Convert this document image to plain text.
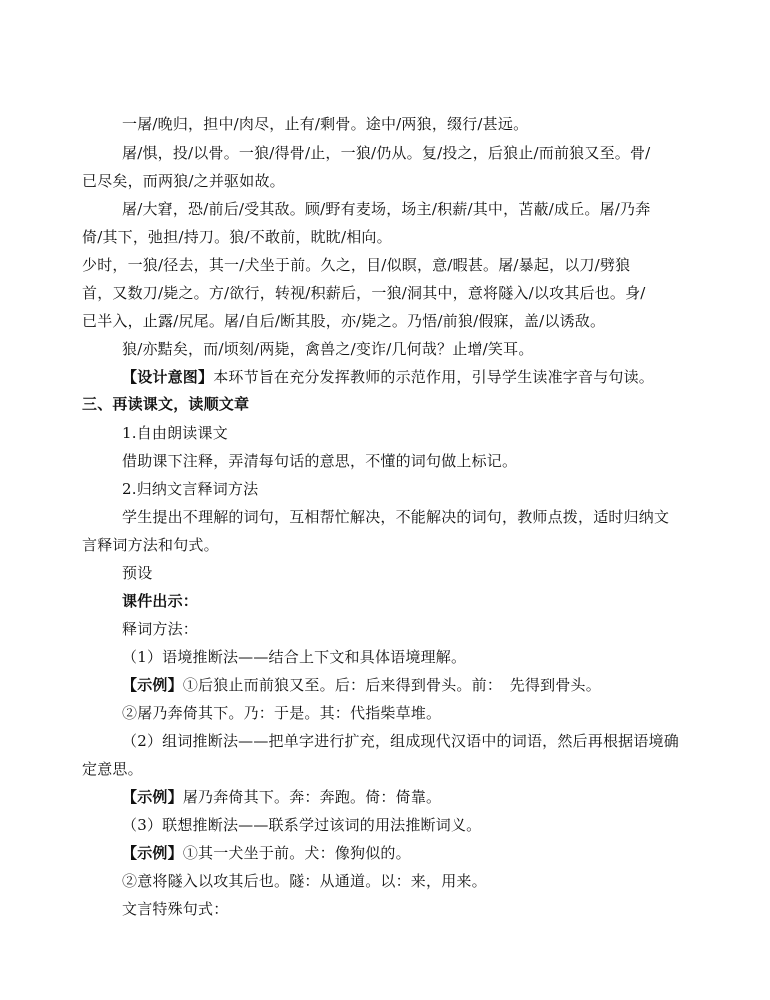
一屠/晚归，担中/肉尽，止有/剩骨。途中/两狼，缀行/甚远。
屠/惧，投/以骨。一狼/得骨/止，一狼/仍从。复/投之，后狼止/而前狼又至。骨/
已尽矣，而两狼/之并驱如故。
屠/大窘，恐/前后/受其敌。顾/野有麦场，场主/积薪/其中，苫蔽/成丘。屠/乃奔
倚/其下，弛担/持刀。狼/不敢前，眈眈/相向。
少时，一狼/径去，其一/犬坐于前。久之，目/似瞑，意/暇甚。屠/暴起，以刀/劈狼
首，又数刀/毙之。方/欲行，转视/积薪后，一狼/洞其中，意将隧入/以攻其后也。身/
已半入，止露/尻尾。屠/自后/断其股，亦/毙之。乃悟/前狼/假寐，盖/以诱敌。
狼/亦黠矣，而/顷刻/两毙，禽兽之/变诈/几何哉？止增/笑耳。
【设计意图】本环节旨在充分发挥教师的示范作用，引导学生读准字音与句读。
三、再读课文，读顺文章
1.自由朗读课文
借助课下注释，弄清每句话的意思，不懂的词句做上标记。
2.归纳文言释词方法
学生提出不理解的词句，互相帮忙解决，不能解决的词句，教师点拨，适时归纳文
言释词方法和句式。
预设
课件出示：
释词方法：
（1）语境推断法——结合上下文和具体语境理解。
【示例】①后狼止而前狼又至。后：后来得到骨头。前：　先得到骨头。
②屠乃奔倚其下。乃：于是。其：代指柴草堆。
（2）组词推断法——把单字进行扩充，组成现代汉语中的词语，然后再根据语境确
定意思。
【示例】屠乃奔倚其下。奔：奔跑。倚：倚靠。
（3）联想推断法——联系学过该词的用法推断词义。
【示例】①其一犬坐于前。犬：像狗似的。
②意将隧入以攻其后也。隧：从通道。以：来，用来。
文言特殊句式：
